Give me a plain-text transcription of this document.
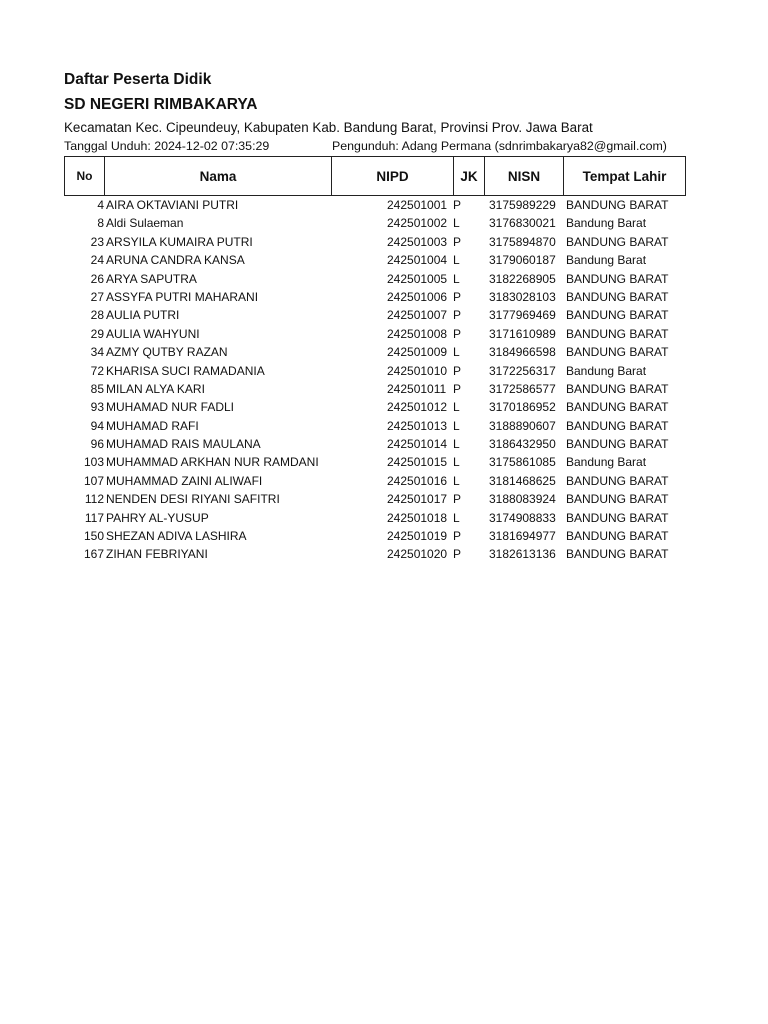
Daftar Peserta Didik
SD NEGERI RIMBAKARYA
Kecamatan Kec. Cipeundeuy, Kabupaten Kab. Bandung Barat, Provinsi Prov. Jawa Barat
Tanggal Unduh: 2024-12-02 07:35:29	Pengunduh: Adang Permana (sdnrimbakarya82@gmail.com)
No	Nama	NIPD	JK	NISN	Tempat Lahir
4 AIRA OKTAVIANI PUTRI	242501001 P 3175989229 BANDUNG BARAT
8 Aldi Sulaeman	242501002 L 3176830021 Bandung Barat
23 ARSYILA KUMAIRA PUTRI	242501003 P 3175894870 BANDUNG BARAT
24 ARUNA CANDRA KANSA	242501004 L 3179060187 Bandung Barat
26 ARYA SAPUTRA	242501005 L 3182268905 BANDUNG BARAT
27 ASSYFA PUTRI MAHARANI	242501006 P 3183028103 BANDUNG BARAT
28 AULIA PUTRI	242501007 P 3177969469 BANDUNG BARAT
29 AULIA WAHYUNI	242501008 P 3171610989 BANDUNG BARAT
34 AZMY QUTBY RAZAN	242501009 L 3184966598 BANDUNG BARAT
72 KHARISA SUCI RAMADANIA	242501010 P 3172256317 Bandung Barat
85 MILAN ALYA KARI	242501011 P 3172586577 BANDUNG BARAT
93 MUHAMAD NUR FADLI	242501012 L 3170186952 BANDUNG BARAT
94 MUHAMAD RAFI	242501013 L 3188890607 BANDUNG BARAT
96 MUHAMAD RAIS MAULANA	242501014 L 3186432950 BANDUNG BARAT
103 MUHAMMAD ARKHAN NUR RAMDANI	242501015 L 3175861085 Bandung Barat
107 MUHAMMAD ZAINI ALIWAFI	242501016 L 3181468625 BANDUNG BARAT
112 NENDEN DESI RIYANI SAFITRI	242501017 P 3188083924 BANDUNG BARAT
117 PAHRY AL-YUSUP	242501018 L 3174908833 BANDUNG BARAT
150 SHEZAN ADIVA LASHIRA	242501019 P 3181694977 BANDUNG BARAT
167 ZIHAN FEBRIYANI	242501020 P 3182613136 BANDUNG BARAT
